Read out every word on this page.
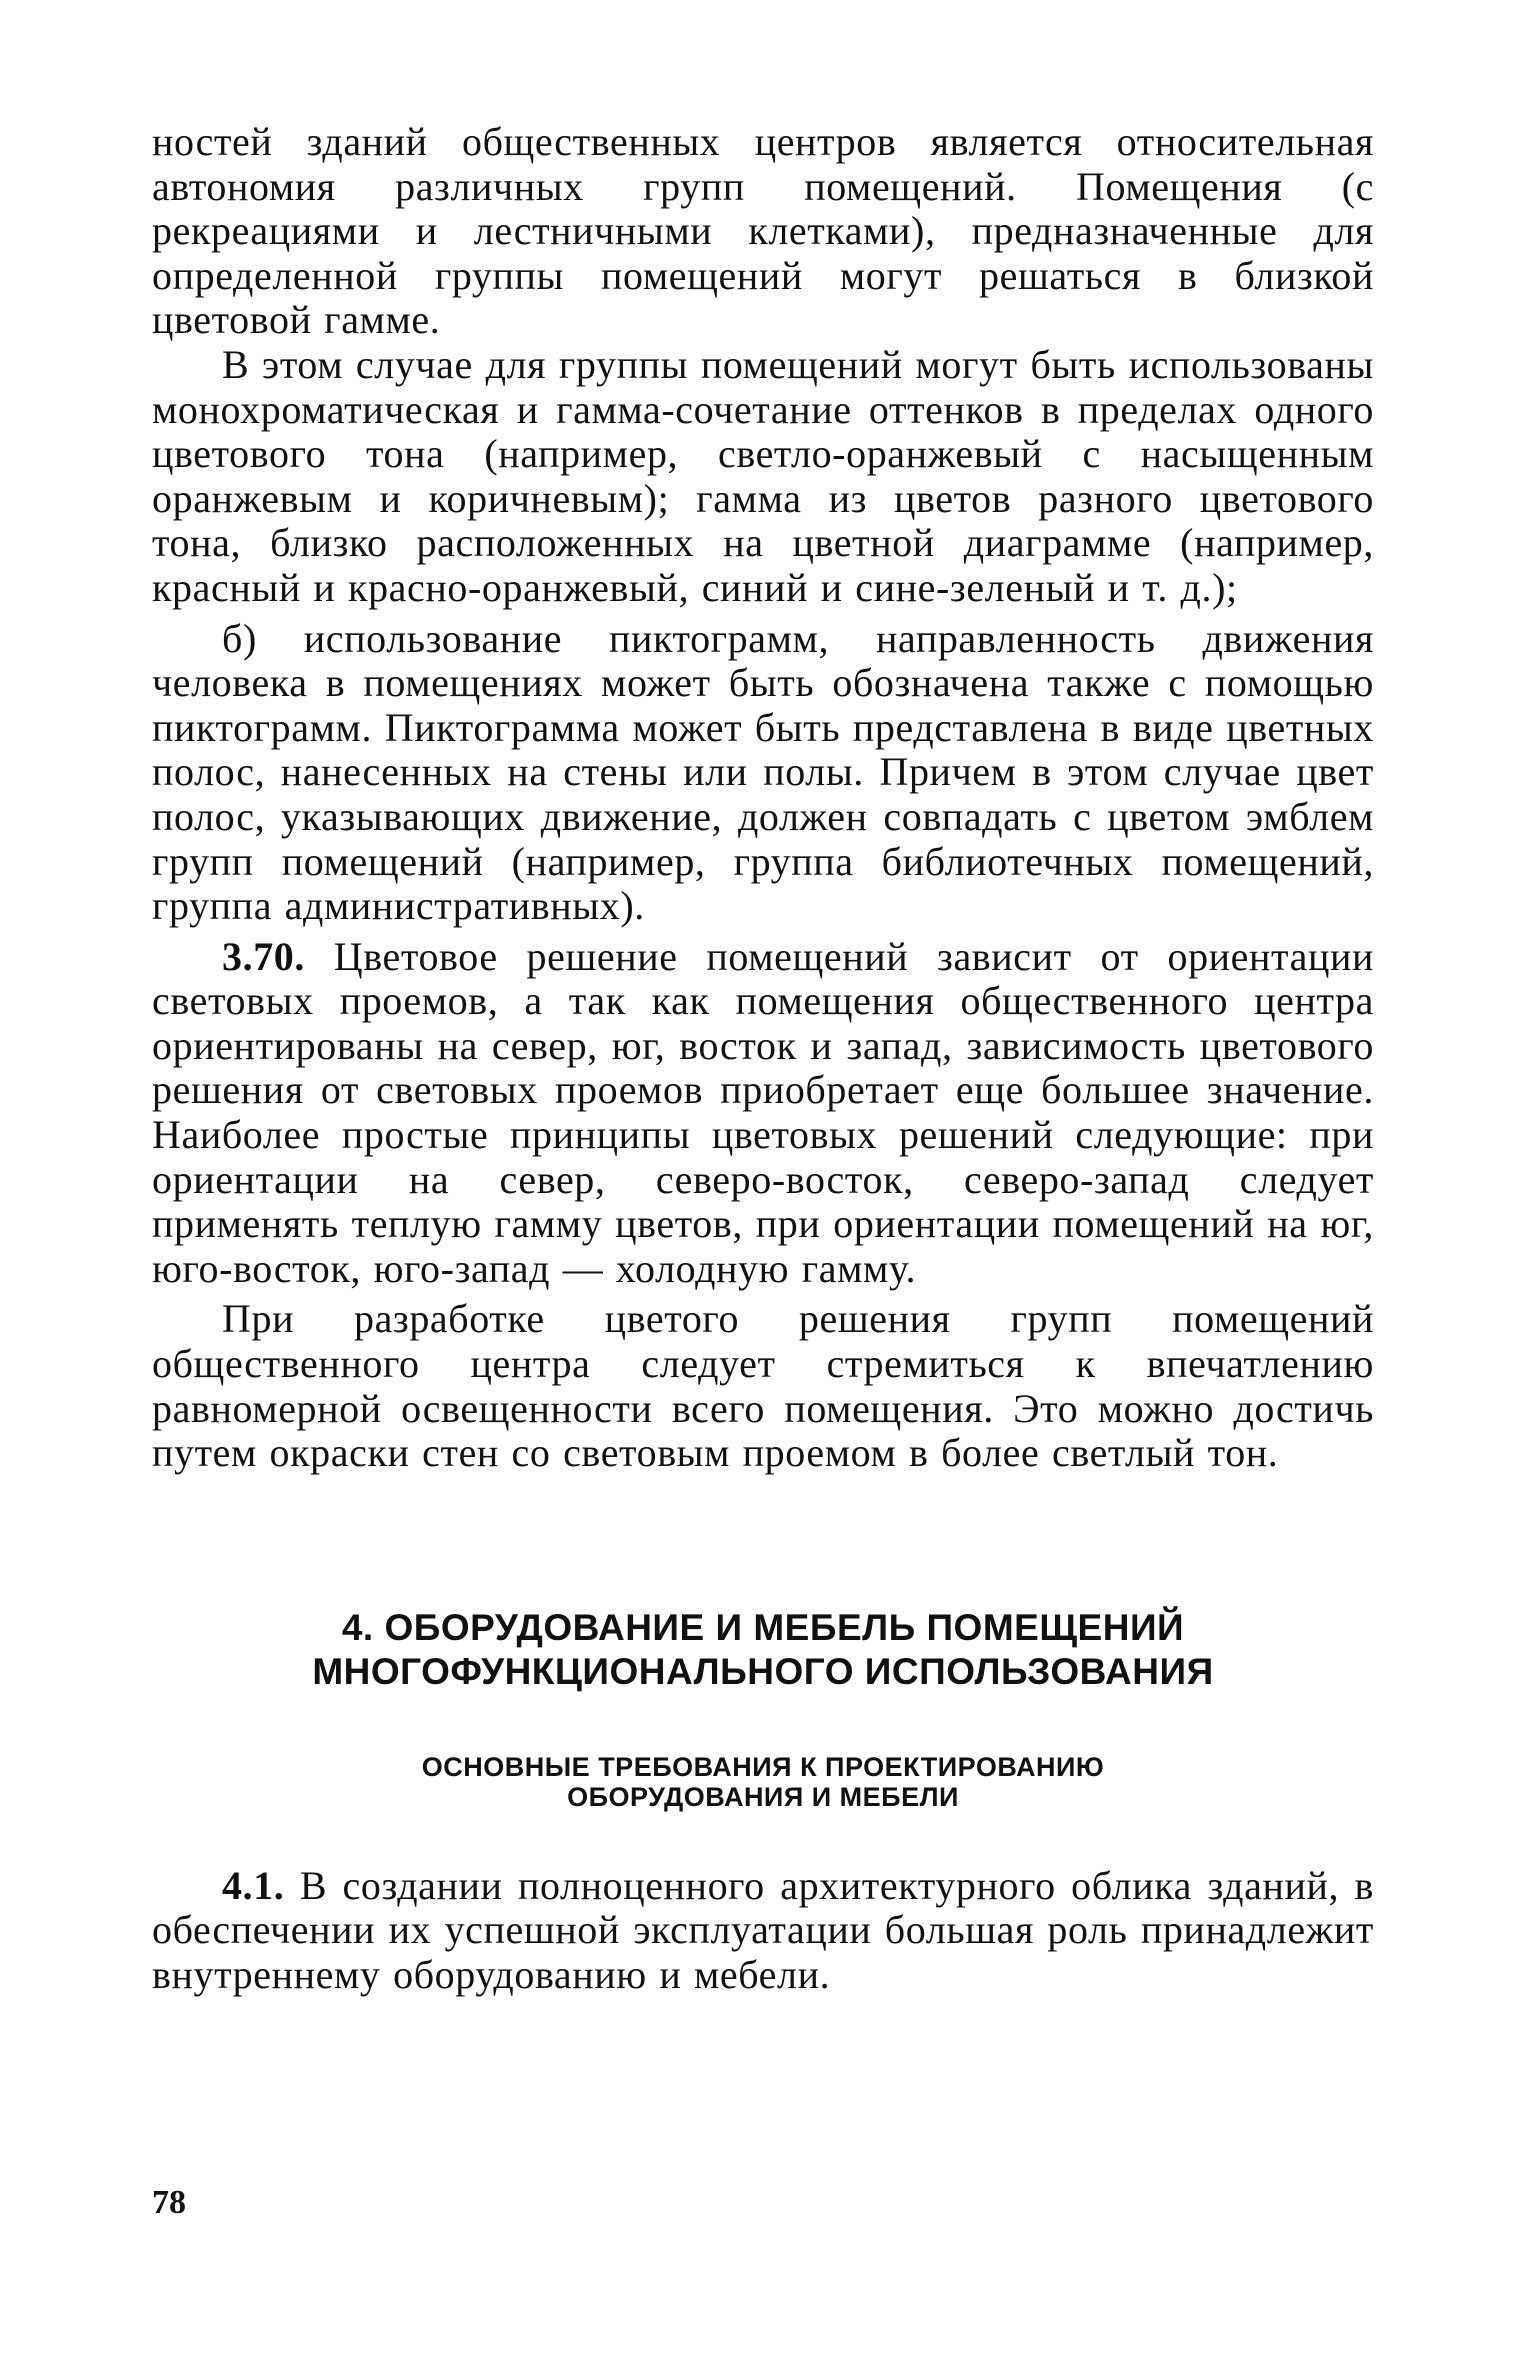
ностей зданий общественных центров является относительная автономия различных групп помещений. Помещения (с рекреациями и лестничными клетками), предназначенные для определенной группы помещений могут решаться в близкой цветовой гамме.

В этом случае для группы помещений могут быть использованы монохроматическая и гамма-сочетание оттенков в пределах одного цветового тона (например, светло-оранжевый с насыщенным оранжевым и коричневым); гамма из цветов разного цветового тона, близко расположенных на цветной диаграмме (например, красный и красно-оранжевый, синий и сине-зеленый и т. д.);

б) использование пиктограмм, направленность движения человека в помещениях может быть обозначена также с помощью пиктограмм. Пиктограмма может быть представлена в виде цветных полос, нанесенных на стены или полы. Причем в этом случае цвет полос, указывающих движение, должен совпадать с цветом эмблем групп помещений (например, группа библиотечных помещений, группа административных).

3.70. Цветовое решение помещений зависит от ориентации световых проемов, а так как помещения общественного центра ориентированы на север, юг, восток и запад, зависимость цветового решения от световых проемов приобретает еще большее значение. Наиболее простые принципы цветовых решений следующие: при ориентации на север, северо-восток, северо-запад следует применять теплую гамму цветов, при ориентации помещений на юг, юго-восток, юго-запад — холодную гамму.

При разработке цветого решения групп помещений общественного центра следует стремиться к впечатлению равномерной освещенности всего помещения. Это можно достичь путем окраски стен со световым проемом в более светлый тон.

4. ОБОРУДОВАНИЕ И МЕБЕЛЬ ПОМЕЩЕНИЙ
МНОГОФУНКЦИОНАЛЬНОГО ИСПОЛЬЗОВАНИЯ
ОСНОВНЫЕ ТРЕБОВАНИЯ К ПРОЕКТИРОВАНИЮ
ОБОРУДОВАНИЯ И МЕБЕЛИ

4.1. В создании полноценного архитектурного облика зданий, в обеспечении их успешной эксплуатации большая роль принадлежит внутреннему оборудованию и мебели.

78
